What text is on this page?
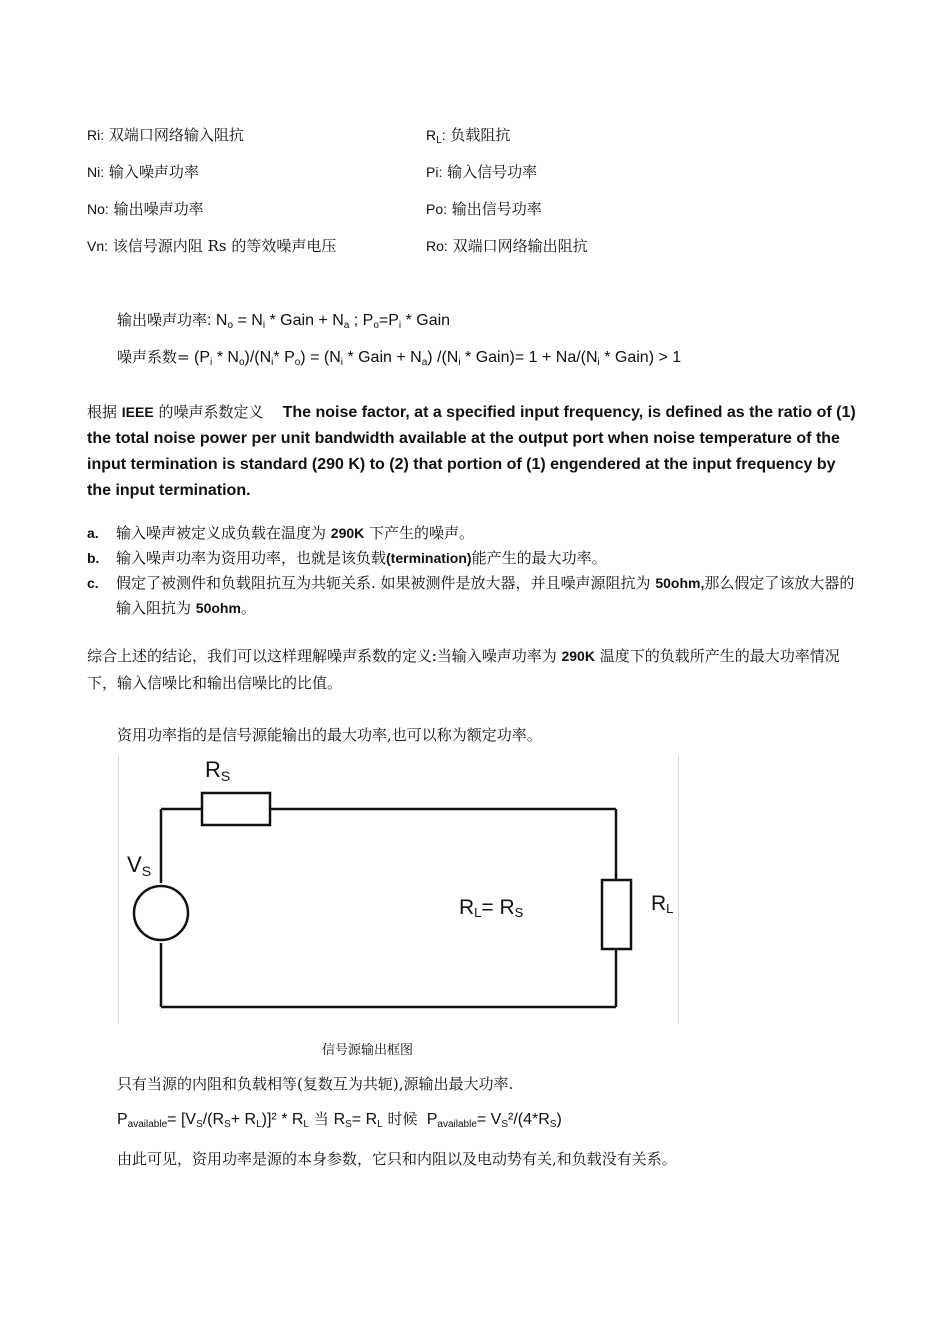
Ri: 双端口网络输入阻抗
Ni: 输入噪声功率
No: 输出噪声功率
Vn: 该信号源内阻 Rs 的等效噪声电压
$R_L$: 负载阻抗
Pi: 输入信号功率
Po: 输出信号功率
Ro: 双端口网络输出阻抗
输出噪声功率: $N_o = N_i$ * Gain + $N_a$ ; $P_o=P_i$ * Gain
噪声系数= $(P_i * N_o)/(N_i*$ $P_o) = (N_i$ * Gain + $N_a$) $/(N_i$ * Gain)= $1 + Na/(N_i$ * Gain) > 1
根据 IEEE 的噪声系数定义 The noise factor, at a specified input frequency, is defined as the ratio of (1) the total noise power per unit bandwidth available at the output port when noise temperature of the input termination is standard (290 K) to (2) that portion of (1) engendered at the input frequency by the input termination.
a. 输入噪声被定义成负载在温度为 290K 下产生的噪声。
b. 输入噪声功率为资用功率，也就是该负载(termination)能产生的最大功率。
c. 假定了被测件和负载阻抗互为共轭关系. 如果被测件是放大器，并且噪声源阻抗为 50ohm,那么假定了该放大器的输入阻抗为 50ohm。
综合上述的结论，我们可以这样理解噪声系数的定义:当输入噪声功率为 290K 温度下的负载所产生的最大功率情况下，输入信噪比和输出信噪比的比值。
资用功率指的是信号源能输出的最大功率,也可以称为额定功率。
$R_S$
$V_S$
$R_L$
$R_L= R_S$
信号源输出框图
只有当源的内阻和负载相等(复数互为共轭),源输出最大功率.
$P_{available}= [V_S/(R_S+ R_L)]^2 * R_L$ 当 $R_S= R_L$ 时候  $P_{available}= V_S^2/(4*R_S)$
由此可见，资用功率是源的本身参数，它只和内阻以及电动势有关,和负载没有关系。
